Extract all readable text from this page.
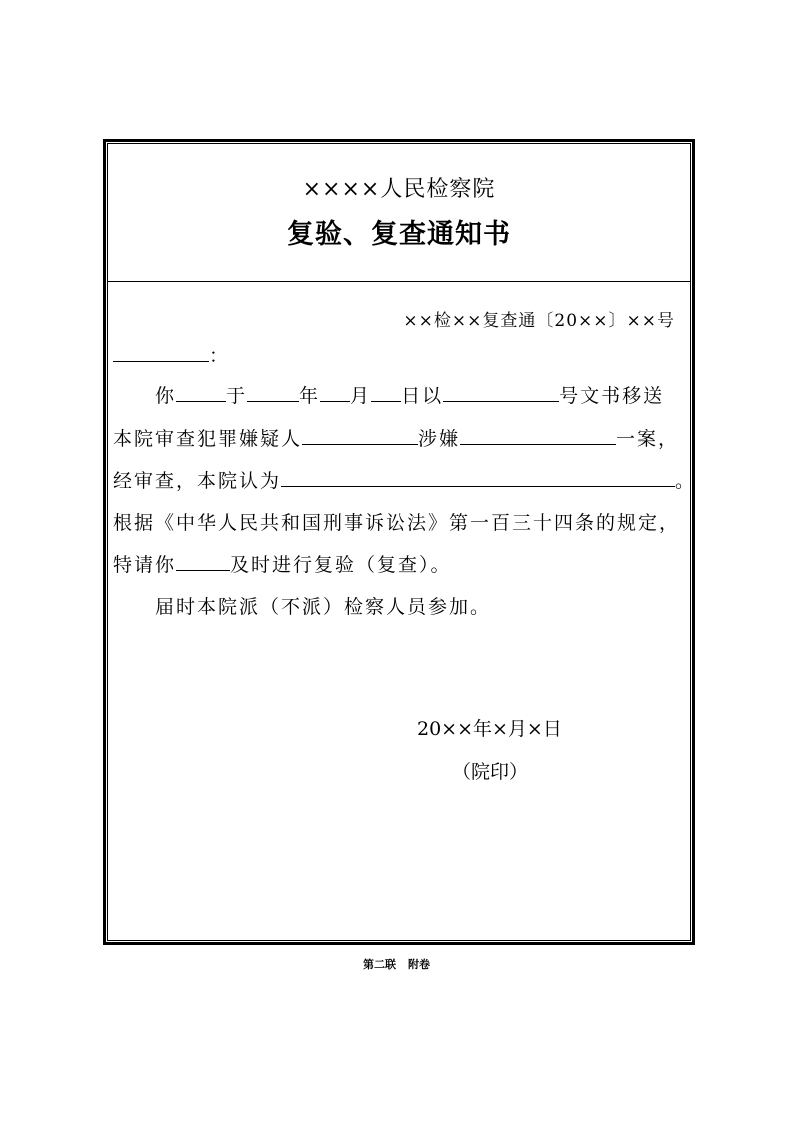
××××人民检察院
复验、复查通知书
××检××复查通〔20××〕××号
：
你	于	年 月 日以	号文书移送
本院审查犯罪嫌疑人	涉嫌	一案，
经审查，本院认为	。
根据《中华人民共和国刑事诉讼法》第一百三十四条的规定，
特请你	及时进行复验（复查）。
届时本院派（不派）检察人员参加。
20××年×月×日
（院印）
第二联 附卷
